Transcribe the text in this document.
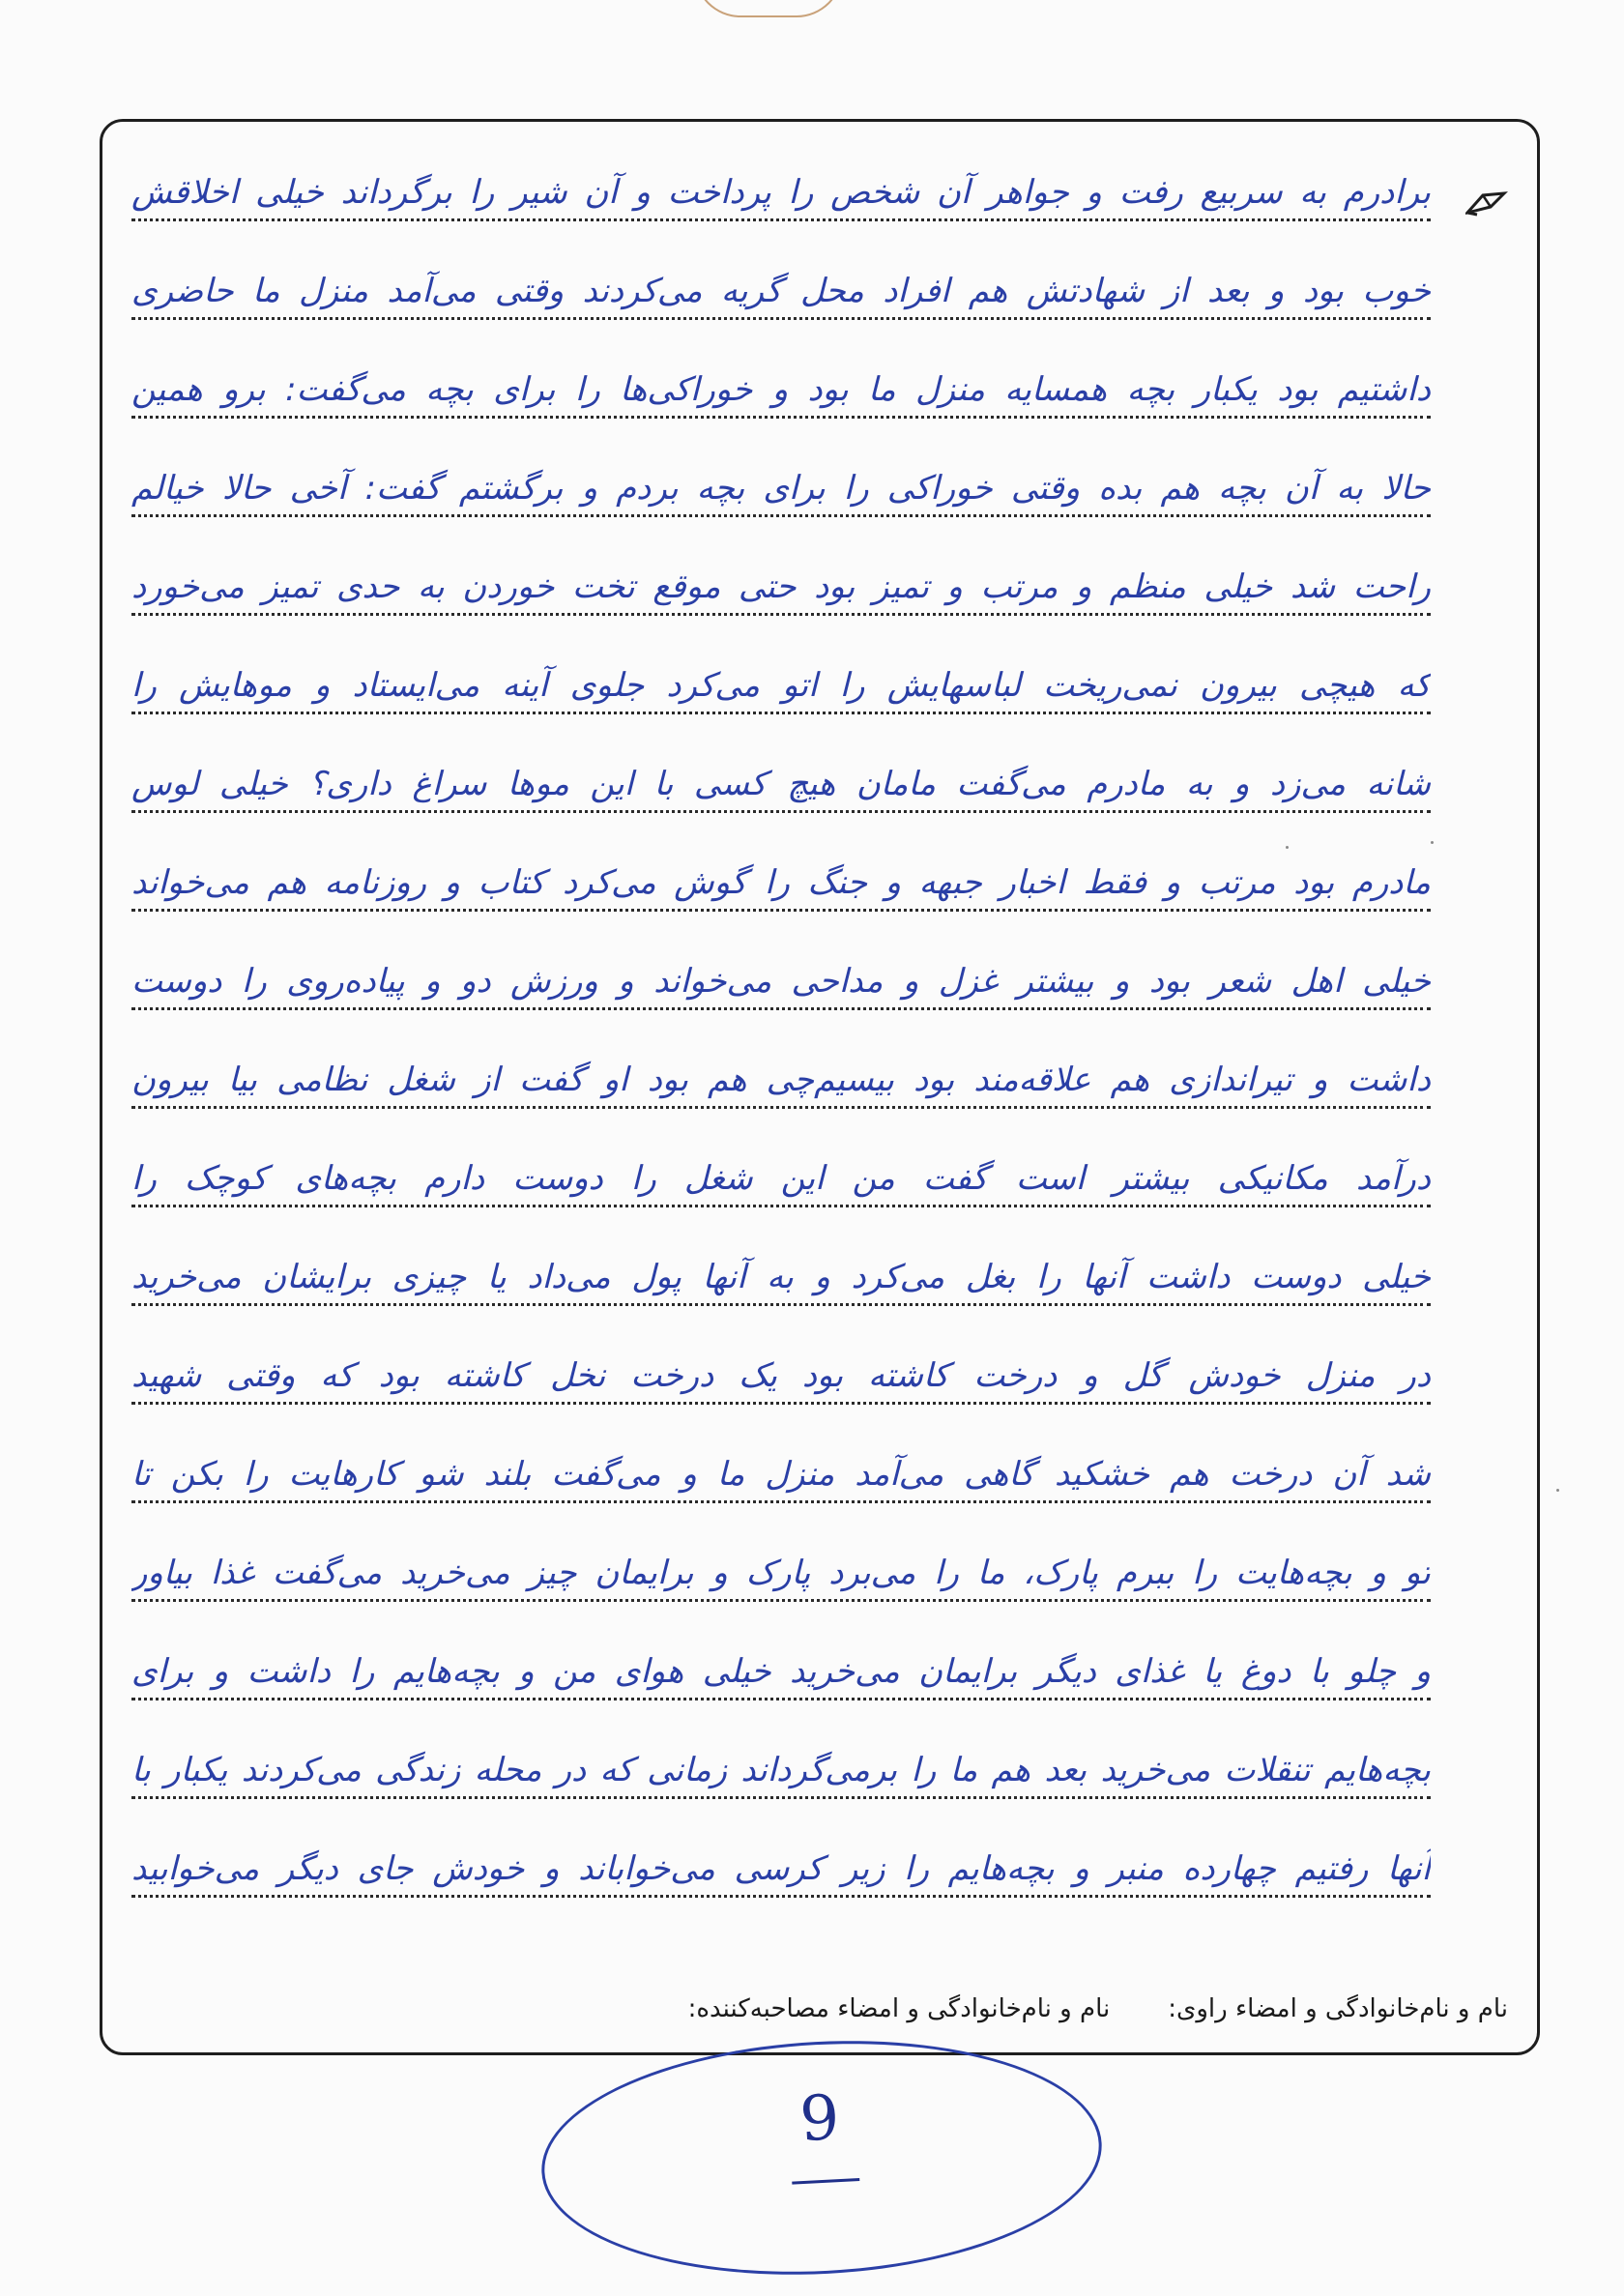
برادرم به سربیع رفت و جواهر آن شخص را پرداخت و آن شیر را برگرداند خیلی اخلاقش
خوب بود و بعد از شهادتش هم افراد محل گریه می‌کردند وقتی می‌آمد منزل ما حاضری
داشتیم بود یکبار بچه همسایه منزل ما بود و خوراکی‌ها را برای بچه می‌گفت: برو همین
حالا به آن بچه هم بده وقتی خوراکی را برای بچه بردم و برگشتم گفت: آخی حالا خیالم
راحت شد خیلی منظم و مرتب و تمیز بود حتی موقع تخت خوردن به حدی تمیز می‌خورد
که هیچی بیرون نمی‌ریخت لباسهایش را اتو می‌کرد جلوی آینه می‌ایستاد و موهایش را
شانه می‌زد و به مادرم می‌گفت مامان هیچ کسی با این موها سراغ داری؟ خیلی لوس
مادرم بود مرتب و فقط اخبار جبهه و جنگ را گوش می‌کرد کتاب و روزنامه هم می‌خواند
خیلی اهل شعر بود و بیشتر غزل و مداحی می‌خواند و ورزش دو و پیاده‌روی را دوست
داشت و تیراندازی هم علاقه‌مند بود بیسیم‌چی هم بود او گفت از شغل نظامی بیا بیرون
درآمد مکانیکی بیشتر است گفت من این شغل را دوست دارم بچه‌های کوچک را
خیلی دوست داشت آنها را بغل می‌کرد و به آنها پول می‌داد یا چیزی برایشان می‌خرید
در منزل خودش گل و درخت کاشته بود یک درخت نخل کاشته بود که وقتی شهید
شد آن درخت هم خشکید گاهی می‌آمد منزل ما و می‌گفت بلند شو کارهایت را بکن تا
تو و بچه‌هایت را ببرم پارک، ما را می‌برد پارک و برایمان چیز می‌خرید می‌گفت غذا بیاور
و چلو با دوغ یا غذای دیگر برایمان می‌خرید خیلی هوای من و بچه‌هایم را داشت و برای
بچه‌هایم تنقلات می‌خرید بعد هم ما را برمی‌گرداند زمانی که در محله زندگی می‌کردند یکبار با
آنها رفتیم چهارده منبر و بچه‌هایم را زیر کرسی می‌خواباند و خودش جای دیگر می‌خوابید
نام و نام‌خانوادگی و امضاء راوی:
نام و نام‌خانوادگی و امضاء مصاحبه‌کننده:
9
